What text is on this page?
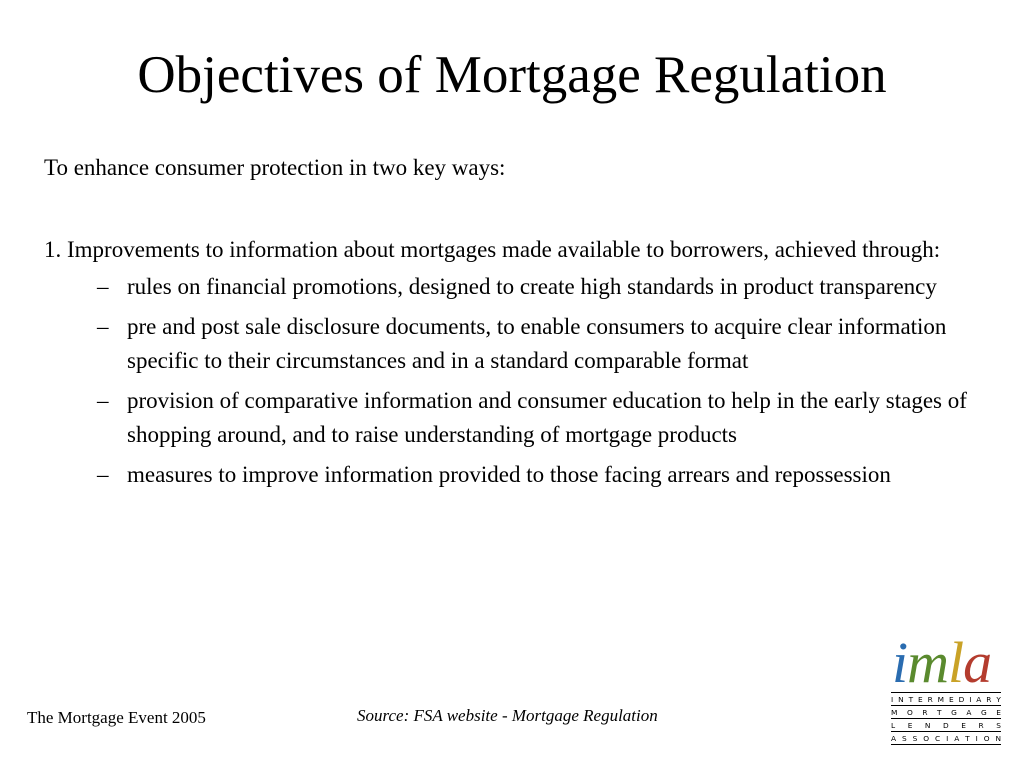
Objectives of Mortgage Regulation

To enhance consumer protection in two key ways:

1. Improvements to information about mortgages made available to borrowers, achieved through:

– rules on financial promotions, designed to create high standards in product transparency
– pre and post sale disclosure documents, to enable consumers to acquire clear information specific to their circumstances and in a standard comparable format
– provision of comparative information and consumer education to help in the early stages of shopping around, and to raise understanding of mortgage products
– measures to improve information provided to those facing arrears and repossession
The Mortgage Event 2005	Source: FSA website - Mortgage Regulation
imla
I N T E R M E D I A R Y
M O R T G A G E
L E N D E R S
A S S O C I A T I O N
